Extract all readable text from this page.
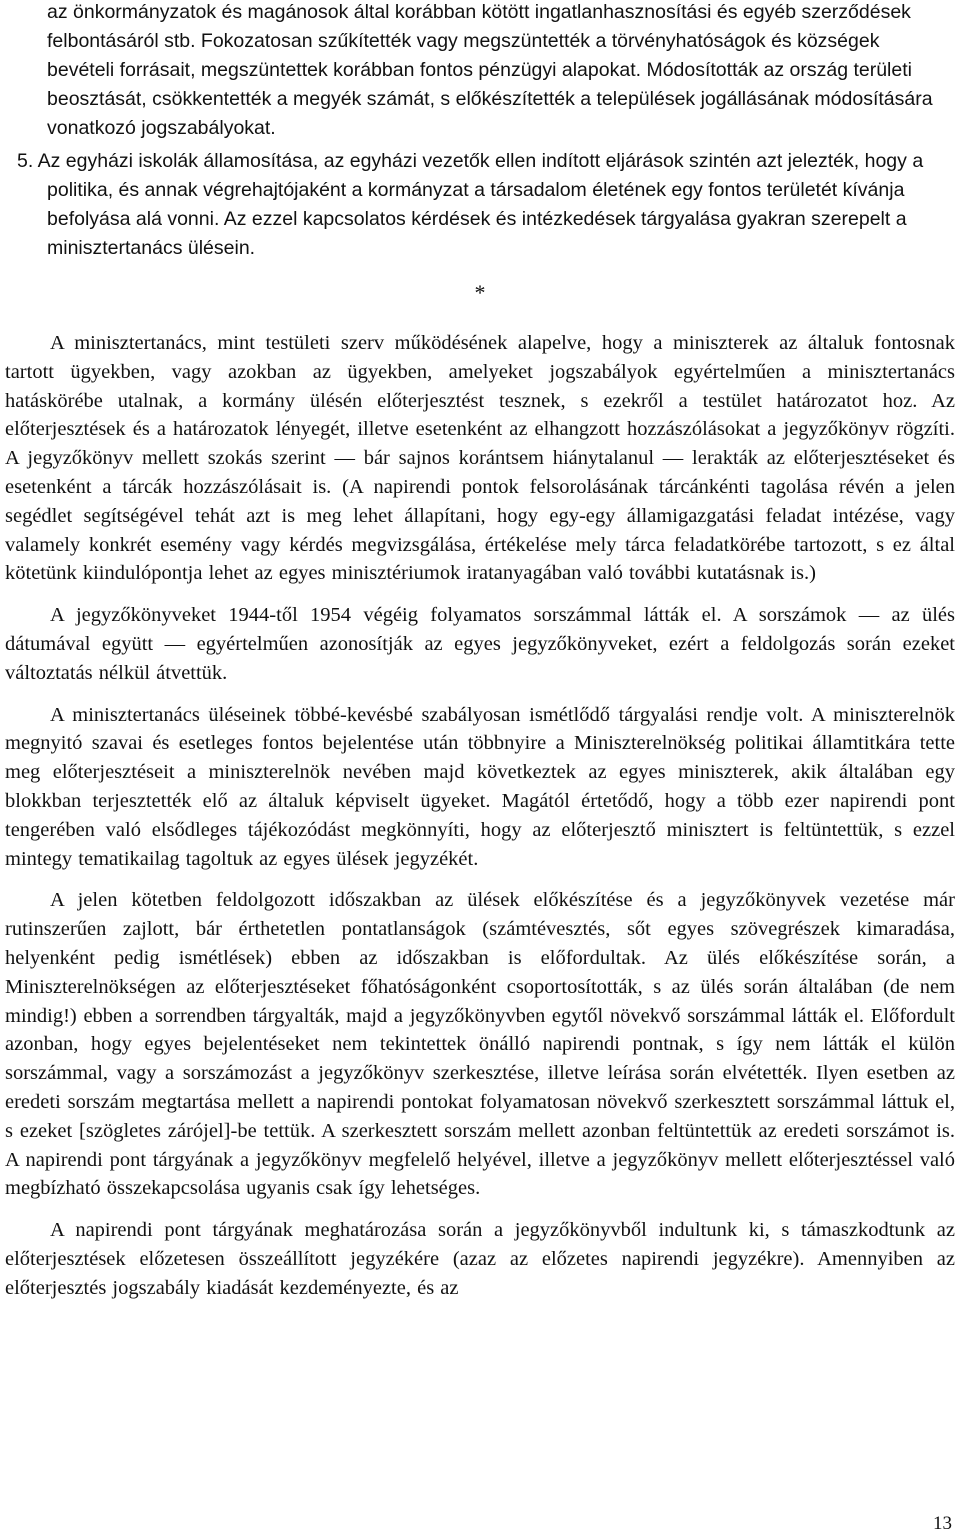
az önkormányzatok és magánosok által korábban kötött ingatlanhasznosítási és egyéb szerződések felbontásáról stb. Fokozatosan szűkítették vagy megszüntették a törvényhatóságok és községek bevételi forrásait, megszüntettek korábban fontos pénzügyi alapokat. Módosították az ország területi beosztását, csökkentették a megyék számát, s előkészítették a települések jogállásának módosítására vonatkozó jogszabályokat.

5. Az egyházi iskolák államosítása, az egyházi vezetők ellen indított eljárások szintén azt jelezték, hogy a politika, és annak végrehajtójaként a kormányzat a társadalom életének egy fontos területét kívánja befolyása alá vonni. Az ezzel kapcsolatos kérdések és intézkedések tárgyalása gyakran szerepelt a minisztertanács ülésein.

*

A minisztertanács, mint testületi szerv működésének alapelve, hogy a miniszterek az általuk fontosnak tartott ügyekben, vagy azokban az ügyekben, amelyeket jogszabályok egyértelműen a minisztertanács hatáskörébe utalnak, a kormány ülésén előterjesztést tesznek, s ezekről a testület határozatot hoz. Az előterjesztések és a határozatok lényegét, illetve esetenként az elhangzott hozzászólásokat a jegyzőkönyv rögzíti. A jegyzőkönyv mellett szokás szerint — bár sajnos korántsem hiánytalanul — lerakták az előterjesztéseket és esetenként a tárcák hozzászólásait is. (A napirendi pontok felsorolásának tárcánkénti tagolása révén a jelen segédlet segítségével tehát azt is meg lehet állapítani, hogy egy-egy államigazgatási feladat intézése, vagy valamely konkrét esemény vagy kérdés megvizsgálása, értékelése mely tárca feladatkörébe tartozott, s ez által kötetünk kiindulópontja lehet az egyes minisztériumok iratanyagában való további kutatásnak is.)

A jegyzőkönyveket 1944-től 1954 végéig folyamatos sorszámmal látták el. A sorszámok — az ülés dátumával együtt — egyértelműen azonosítják az egyes jegyzőkönyveket, ezért a feldolgozás során ezeket változtatás nélkül átvettük.

A minisztertanács üléseinek többé-kevésbé szabályosan ismétlődő tárgyalási rendje volt. A miniszterelnök megnyitó szavai és esetleges fontos bejelentése után többnyire a Miniszterelnökség politikai államtitkára tette meg előterjesztéseit a miniszterelnök nevében majd következtek az egyes miniszterek, akik általában egy blokkban terjesztették elő az általuk képviselt ügyeket. Magától értetődő, hogy a több ezer napirendi pont tengerében való elsődleges tájékozódást megkönnyíti, hogy az előterjesztő minisztert is feltüntettük, s ezzel mintegy tematikailag tagoltuk az egyes ülések jegyzékét.

A jelen kötetben feldolgozott időszakban az ülések előkészítése és a jegyzőkönyvek vezetése már rutinszerűen zajlott, bár érthetetlen pontatlanságok (számtévesztés, sőt egyes szövegrészek kimaradása, helyenként pedig ismétlések) ebben az időszakban is előfordultak. Az ülés előkészítése során, a Miniszterelnökségen az előterjesztéseket főhatóságonként csoportosították, s az ülés során általában (de nem mindig!) ebben a sorrendben tárgyalták, majd a jegyzőkönyvben egytől növekvő sorszámmal látták el. Előfordult azonban, hogy egyes bejelentéseket nem tekintettek önálló napirendi pontnak, s így nem látták el külön sorszámmal, vagy a sorszámozást a jegyzőkönyv szerkesztése, illetve leírása során elvétették. Ilyen esetben az eredeti sorszám megtartása mellett a napirendi pontokat folyamatosan növekvő szerkesztett sorszámmal láttuk el, s ezeket [szögletes zárójel]-be tettük. A szerkesztett sorszám mellett azonban feltüntettük az eredeti sorszámot is. A napirendi pont tárgyának a jegyzőkönyv megfelelő helyével, illetve a jegyzőkönyv mellett előterjesztéssel való megbízható összekapcsolása ugyanis csak így lehetséges.

A napirendi pont tárgyának meghatározása során a jegyzőkönyvből indultunk ki, s támaszkodtunk az előterjesztések előzetesen összeállított jegyzékére (azaz az előzetes napirendi jegyzékre). Amennyiben az előterjesztés jogszabály kiadását kezdeményezte, és az

13
